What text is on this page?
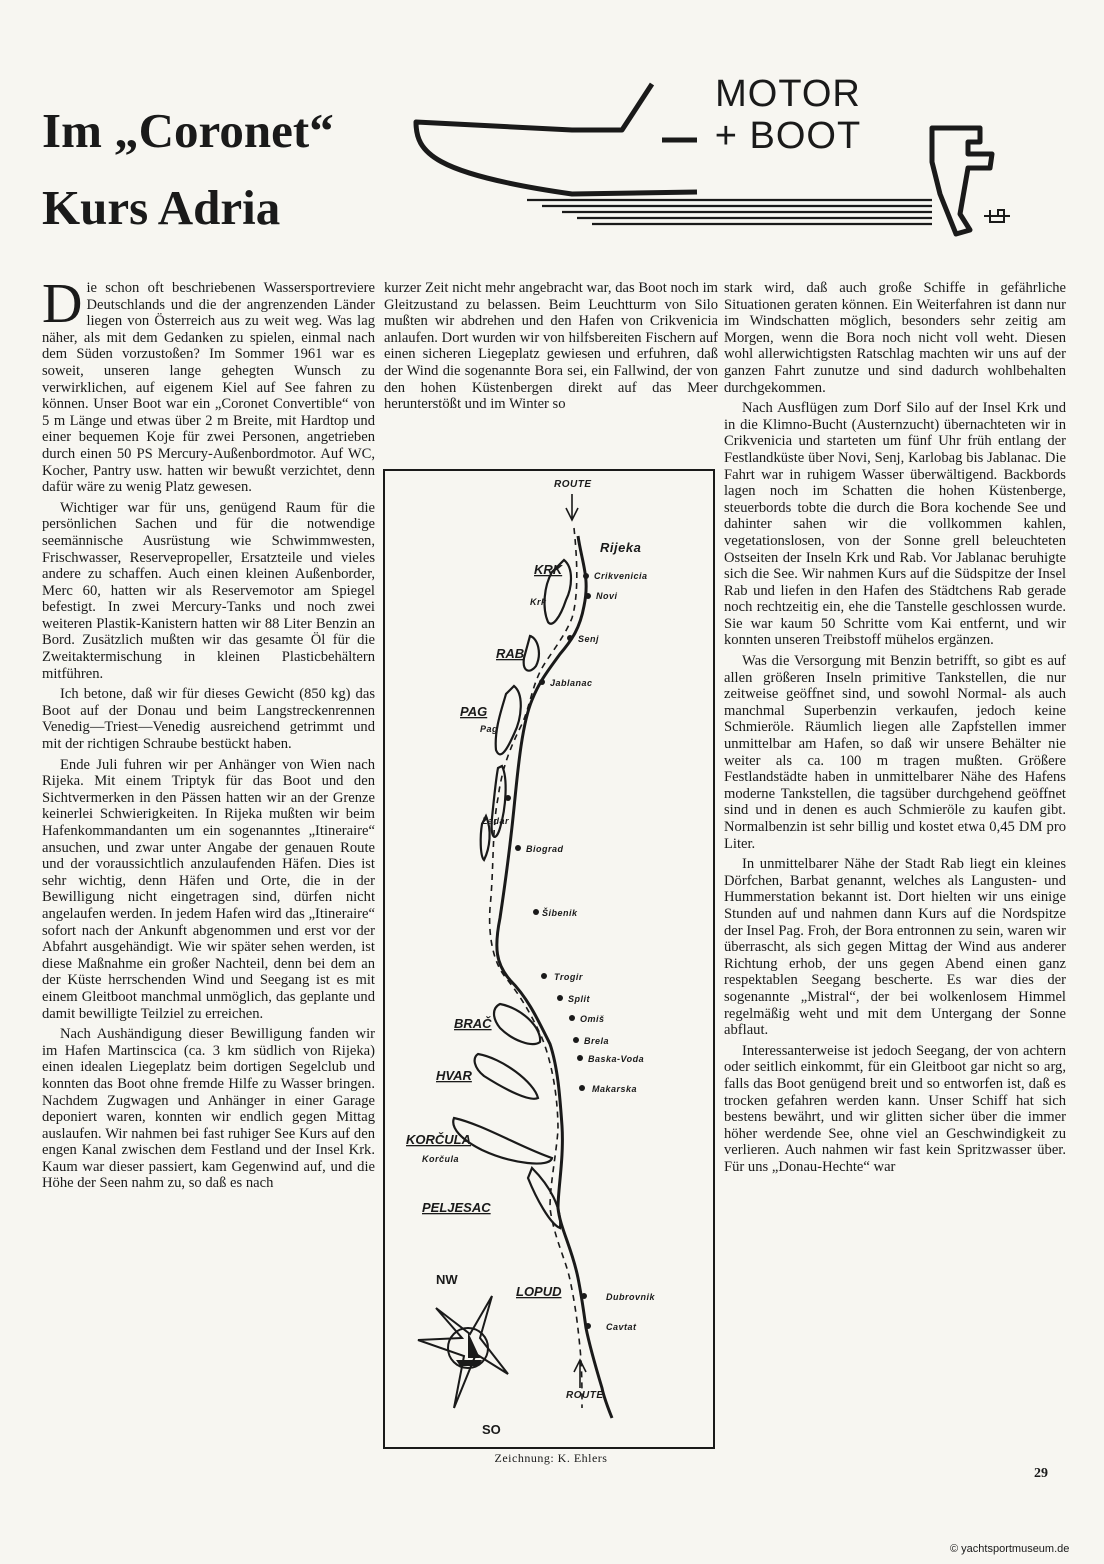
Im „Coronet“
Kurs Adria
MOTOR
+ BOOT

Die schon oft beschriebenen Wassersportreviere Deutschlands und die der angrenzenden Länder liegen von Österreich aus zu weit weg. Was lag näher, als mit dem Gedanken zu spielen, einmal nach dem Süden vorzustoßen? Im Sommer 1961 war es soweit, unseren lange gehegten Wunsch zu verwirklichen, auf eigenem Kiel auf See fahren zu können. Unser Boot war ein „Coronet Convertible“ von 5 m Länge und etwas über 2 m Breite, mit Hardtop und einer bequemen Koje für zwei Personen, angetrieben durch einen 50 PS Mercury-Außenbordmotor. Auf WC, Kocher, Pantry usw. hatten wir bewußt verzichtet, denn dafür wäre zu wenig Platz gewesen.

Wichtiger war für uns, genügend Raum für die persönlichen Sachen und für die notwendige seemännische Ausrüstung wie Schwimmwesten, Frischwasser, Reservepropeller, Ersatzteile und vieles andere zu schaffen. Auch einen kleinen Außenborder, Merc 60, hatten wir als Reservemotor am Spiegel befestigt. In zwei Mercury-Tanks und noch zwei weiteren Plastik-Kanistern hatten wir 88 Liter Benzin an Bord. Zusätzlich mußten wir das gesamte Öl für die Zweitaktermischung in kleinen Plasticbehältern mitführen.

Ich betone, daß wir für dieses Gewicht (850 kg) das Boot auf der Donau und beim Langstreckenrennen Venedig—Triest—Venedig ausreichend getrimmt und mit der richtigen Schraube bestückt haben.

Ende Juli fuhren wir per Anhänger von Wien nach Rijeka. Mit einem Triptyk für das Boot und den Sichtvermerken in den Pässen hatten wir an der Grenze keinerlei Schwierigkeiten. In Rijeka mußten wir beim Hafenkommandanten um ein sogenanntes „Itineraire“ ansuchen, und zwar unter Angabe der genauen Route und der voraussichtlich anzulaufenden Häfen. Dies ist sehr wichtig, denn Häfen und Orte, die in der Bewilligung nicht eingetragen sind, dürfen nicht angelaufen werden. In jedem Hafen wird das „Itineraire“ sofort nach der Ankunft abgenommen und erst vor der Abfahrt ausgehändigt. Wie wir später sehen werden, ist diese Maßnahme ein großer Nachteil, denn bei dem an der Küste herrschenden Wind und Seegang ist es mit einem Gleitboot manchmal unmöglich, das geplante und damit bewilligte Teilziel zu erreichen.

Nach Aushändigung dieser Bewilligung fanden wir im Hafen Martinscica (ca. 3 km südlich von Rijeka) einen idealen Liegeplatz beim dortigen Segelclub und konnten das Boot ohne fremde Hilfe zu Wasser bringen. Nachdem Zugwagen und Anhänger in einer Garage deponiert waren, konnten wir endlich gegen Mittag auslaufen. Wir nahmen bei fast ruhiger See Kurs auf den engen Kanal zwischen dem Festland und der Insel Krk. Kaum war dieser passiert, kam Gegenwind auf, und die Höhe der Seen nahm zu, so daß es nach

kurzer Zeit nicht mehr angebracht war, das Boot noch im Gleitzustand zu belassen. Beim Leuchtturm von Silo mußten wir abdrehen und den Hafen von Crikvenicia anlaufen. Dort wurden wir von hilfsbereiten Fischern auf einen sicheren Liegeplatz gewiesen und erfuhren, daß der Wind die sogenannte Bora sei, ein Fallwind, der von den hohen Küstenbergen direkt auf das Meer herunterstößt und im Winter so

stark wird, daß auch große Schiffe in gefährliche Situationen geraten können. Ein Weiterfahren ist dann nur im Windschatten möglich, besonders sehr zeitig am Morgen, wenn die Bora noch nicht voll weht. Diesen wohl allerwichtigsten Ratschlag machten wir uns auf der ganzen Fahrt zunutze und sind dadurch wohlbehalten durchgekommen.

Nach Ausflügen zum Dorf Silo auf der Insel Krk und in die Klimno-Bucht (Austernzucht) übernachteten wir in Crikvenicia und starteten um fünf Uhr früh entlang der Festlandküste über Novi, Senj, Karlobag bis Jablanac. Die Fahrt war in ruhigem Wasser überwältigend. Backbords lagen noch im Schatten die hohen Küstenberge, steuerbords tobte die durch die Bora kochende See und dahinter sahen wir die vollkommen kahlen, vegetationslosen, von der Sonne grell beleuchteten Ostseiten der Inseln Krk und Rab. Vor Jablanac beruhigte sich die See. Wir nahmen Kurs auf die Südspitze der Insel Rab und liefen in den Hafen des Städtchens Rab gerade noch rechtzeitig ein, ehe die Tanstelle geschlossen wurde. Sie war kaum 50 Schritte vom Kai entfernt, und wir konnten unseren Treibstoff mühelos ergänzen.

Was die Versorgung mit Benzin betrifft, so gibt es auf allen größeren Inseln primitive Tankstellen, die nur zeitweise geöffnet sind, und sowohl Normal- als auch manchmal Superbenzin verkaufen, jedoch keine Schmieröle. Räumlich liegen alle Zapfstellen immer unmittelbar am Hafen, so daß wir unsere Behälter nie weiter als ca. 100 m tragen mußten. Größere Festlandstädte haben in unmittelbarer Nähe des Hafens moderne Tankstellen, die tagsüber durchgehend geöffnet sind und in denen es auch Schmieröle zu kaufen gibt. Normalbenzin ist sehr billig und kostet etwa 0,45 DM pro Liter.

In unmittelbarer Nähe der Stadt Rab liegt ein kleines Dörfchen, Barbat genannt, welches als Langusten- und Hummerstation bekannt ist. Dort hielten wir uns einige Stunden auf und nahmen dann Kurs auf die Nordspitze der Insel Pag. Froh, der Bora entronnen zu sein, waren wir überrascht, als sich gegen Mittag der Wind aus anderer Richtung erhob, der uns gegen Abend einen ganz respektablen Seegang bescherte. Es war dies der sogenannte „Mistral“, der bei wolkenlosem Himmel regelmäßig weht und mit dem Untergang der Sonne abflaut.

Interessanterweise ist jedoch Seegang, der von achtern oder seitlich einkommt, für ein Gleitboot gar nicht so arg, falls das Boot genügend breit und so entworfen ist, daß es trocken gefahren werden kann. Unser Schiff hat sich bestens bewährt, und wir glitten sicher über die immer höher werdende See, ohne viel an Geschwindigkeit zu verlieren. Auch nahmen wir fast kein Spritzwasser über. Für uns „Donau-Hechte“ war

ROUTE
Rijeka
Crikvenicia
Novi
Krk
Senj
Jablanac
Pag
Zadar
Biograd
Šibenik
Trogir
Split
Omiš
Brela
Baska-Voda
Makarska
Korčula
Dubrovnik
Cavtat
ROUTE
KRK
RAB
PAG
BRAČ
HVAR
KORČULA
PELJESAC
LOPUD
NW
SO
Zeichnung: K. Ehlers
29
© yachtsportmuseum.de
